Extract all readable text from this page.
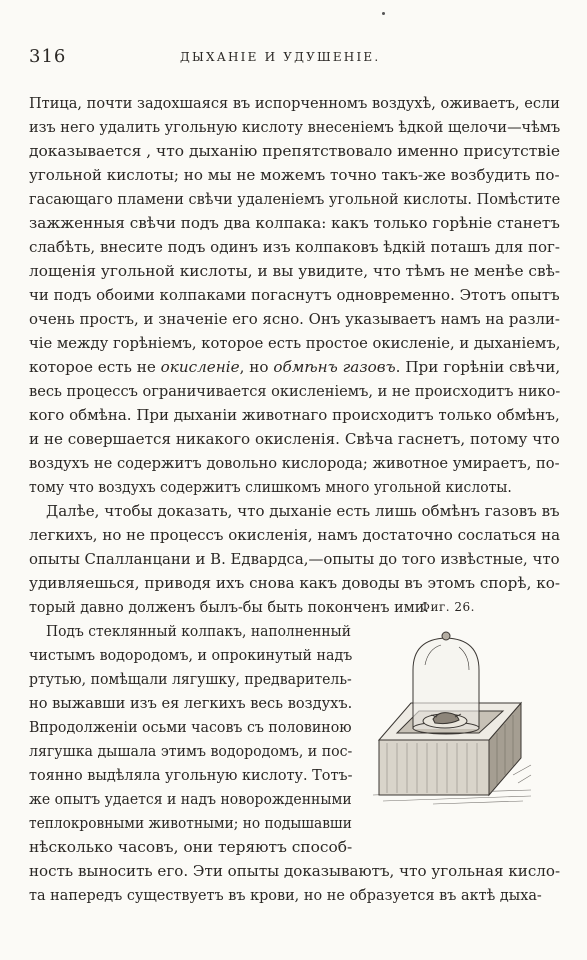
316	ДЫХАНІЕ И УДУШЕНІЕ.
Птица, почти задохшаяся въ испорченномъ воздухѣ, оживаетъ, если
изъ него удалить угольную кислоту внесеніемъ ѣдкой щелочи—чѣмъ
доказывается , что дыханію препятствовало именно присутствіе
угольной кислоты; но мы не можемъ точно такъ-же возбудить по-
гасающаго пламени свѣчи удаленіемъ угольной кислоты. Помѣстите
зажженныя свѣчи подъ два колпака: какъ только горѣніе станетъ
слабѣть, внесите подъ одинъ изъ колпаковъ ѣдкій поташъ для пог-
лощенія угольной кислоты, и вы увидите, что тѣмъ не менѣе свѣ-
чи подъ обоими колпаками погаснутъ одновременно. Этотъ опытъ
очень простъ, и значеніе его ясно. Онъ указываетъ намъ на разли-
чіе между горѣніемъ, которое есть простое окисленіе, и дыханіемъ,
которое есть не окисленіе, но обмѣнъ газовъ. При горѣніи свѣчи,
весь процессъ ограничивается окисленіемъ, и не происходитъ нико-
кого обмѣна. При дыханіи животнаго происходитъ только обмѣнъ,
и не совершается никакого окисленія. Свѣча гаснетъ, потому что
воздухъ не содержитъ довольно кислорода; животное умираетъ, по-
тому что воздухъ содержитъ слишкомъ много угольной кислоты.
Далѣе, чтобы доказать, что дыханіе есть лишь обмѣнъ газовъ въ
легкихъ, но не процессъ окисленія, намъ достаточно сослаться на
опыты Спалланцани и В. Едвардса,—опыты до того извѣстные, что
удивляешься, приводя ихъ снова какъ доводы въ этомъ спорѣ, ко-
торый давно долженъ былъ-бы быть поконченъ ими.
Подъ стеклянный колпакъ, наполненный
чистымъ водородомъ, и опрокинутый надъ
ртутью, помѣщали лягушку, предваритель-
но выжавши изъ ея легкихъ весь воздухъ.
Впродолженіи осьми часовъ съ половиною
лягушка дышала этимъ водородомъ, и пос-
тоянно выдѣляла угольную кислоту. Тотъ-
же опытъ удается и надъ новорожденными
теплокровными животными; но подышавши
нѣсколько часовъ, они теряютъ способ-
ность выносить его. Эти опыты доказываютъ, что угольная кисло-
та напередъ существуетъ въ крови, но не образуется въ актѣ дыха-
Фиг. 26.
